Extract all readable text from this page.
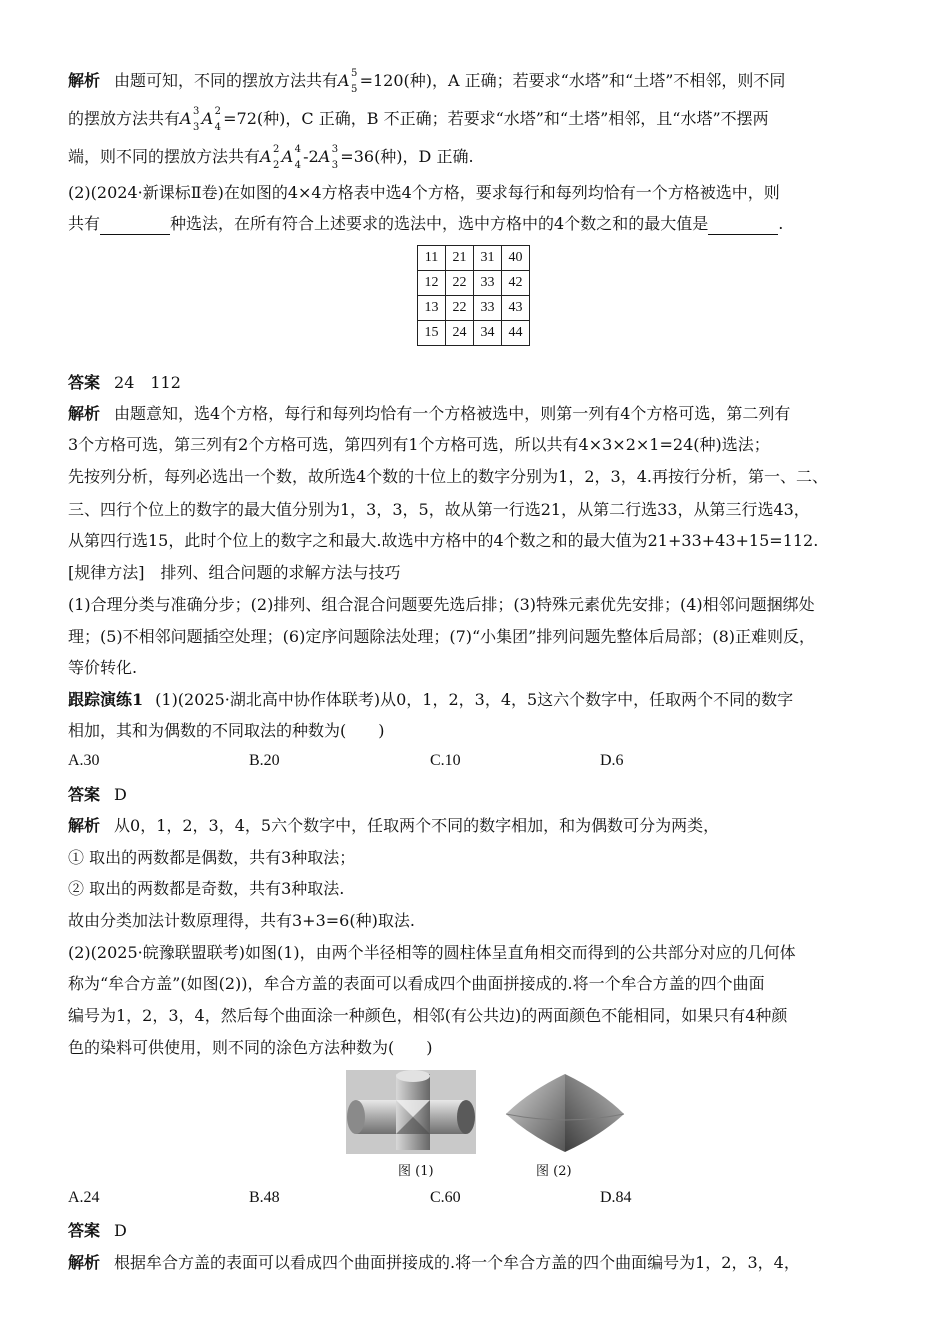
解析 由题可知，不同的摆放方法共有A 5
5 =120(种)，A 正确；若要求“水塔”和“土塔”不相邻，则不同
的摆放方法共有A 3
3 A 2
4 =72(种)，C 正确，B 不正确；若要求“水塔”和“土塔”相邻，且“水塔”不摆两
端，则不同的摆放方法共有A 2
2 A 4
4 -2A 3
3 =36(种)，D 正确.
(2)(2024·新课标Ⅱ卷)在如图的4×4方格表中选4个方格，要求每行和每列均恰有一个方格被选中，则
共有	种选法，在所有符合上述要求的选法中，选中方格中的4个数之和的最大值是	.
11	21	31	40
12	22	33	42
13	22	33	43
15	24	34	44
答案 24　112
解析 由题意知，选4个方格，每行和每列均恰有一个方格被选中，则第一列有4个方格可选，第二列有
3个方格可选，第三列有2个方格可选，第四列有1个方格可选，所以共有4×3×2×1=24(种)选法；
先按列分析，每列必选出一个数，故所选4个数的十位上的数字分别为1，2，3，4.再按行分析，第一、二、
三、四行个位上的数字的最大值分别为1，3，3，5，故从第一行选21，从第二行选33，从第三行选43，
从第四行选15，此时个位上的数字之和最大.故选中方格中的4个数之和的最大值为21+33+43+15=112.
[规律方法]　排列、组合问题的求解方法与技巧
(1)合理分类与准确分步；(2)排列、组合混合问题要先选后排；(3)特殊元素优先安排；(4)相邻问题捆绑处
理；(5)不相邻问题插空处理；(6)定序问题除法处理；(7)“小集团”排列问题先整体后局部；(8)正难则反，
等价转化.
跟踪演练1 (1)(2025·湖北高中协作体联考)从0，1，2，3，4，5这六个数字中，任取两个不同的数字
相加，其和为偶数的不同取法的种数为(　　)
A.30	B.20	C.10	D.6
答案 D
解析 从0，1，2，3，4，5六个数字中，任取两个不同的数字相加，和为偶数可分为两类，
① 取出的两数都是偶数，共有3种取法；
② 取出的两数都是奇数，共有3种取法.
故由分类加法计数原理得，共有3+3=6(种)取法.
(2)(2025·皖豫联盟联考)如图(1)，由两个半径相等的圆柱体呈直角相交而得到的公共部分对应的几何体
称为“牟合方盖”(如图(2))，牟合方盖的表面可以看成四个曲面拼接成的.将一个牟合方盖的四个曲面
编号为1，2，3，4，然后每个曲面涂一种颜色，相邻(有公共边)的两面颜色不能相同，如果只有4种颜
色的染料可供使用，则不同的涂色方法种数为(　　)
图 (1)	图 (2)
A.24	B.48	C.60	D.84
答案 D
解析 根据牟合方盖的表面可以看成四个曲面拼接成的.将一个牟合方盖的四个曲面编号为1，2，3，4，
